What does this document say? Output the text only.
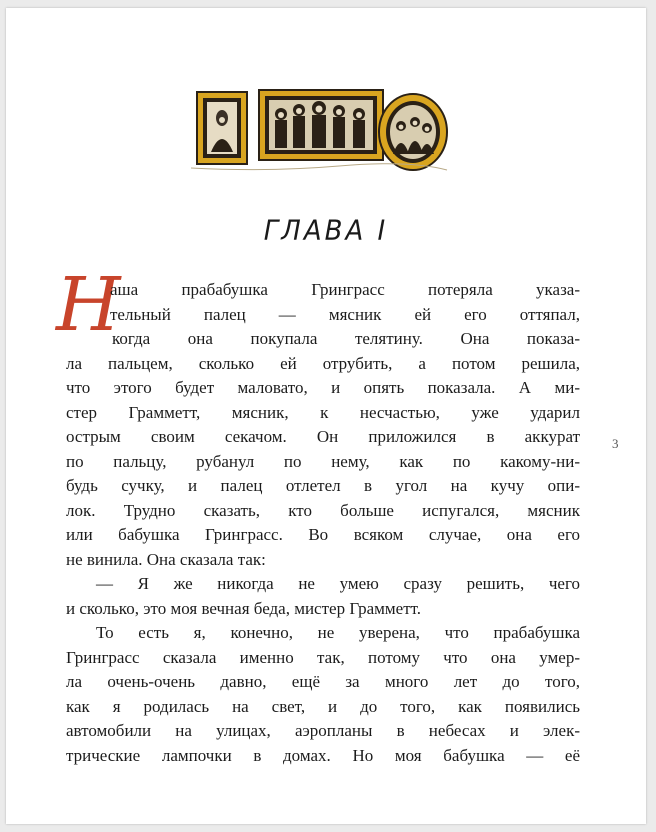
ГЛАВА I
Н
аша прабабушка Гринграсс потеряла указа-
тельный палец — мясник ей его оттяпал,
когда она покупала телятину. Она показа-
ла пальцем, сколько ей отрубить, а потом решила,
что этого будет маловато, и опять показала. А ми-
стер Грамметт, мясник, к несчастью, уже ударил
острым своим секачом. Он приложился в аккурат
по пальцу, рубанул по нему, как по какому-ни-
будь сучку, и палец отлетел в угол на кучу опи-
лок. Трудно сказать, кто больше испугался, мясник
или бабушка Гринграсс. Во всяком случае, она его
не винила. Она сказала так:
— Я же никогда не умею сразу решить, чего
и сколько, это моя вечная беда, мистер Грамметт.
То есть я, конечно, не уверена, что прабабушка
Гринграсс сказала именно так, потому что она умер-
ла очень-очень давно, ещё за много лет до того,
как я родилась на свет, и до того, как появились
автомобили на улицах, аэропланы в небесах и элек-
трические лампочки в домах. Но моя бабушка — её
3
